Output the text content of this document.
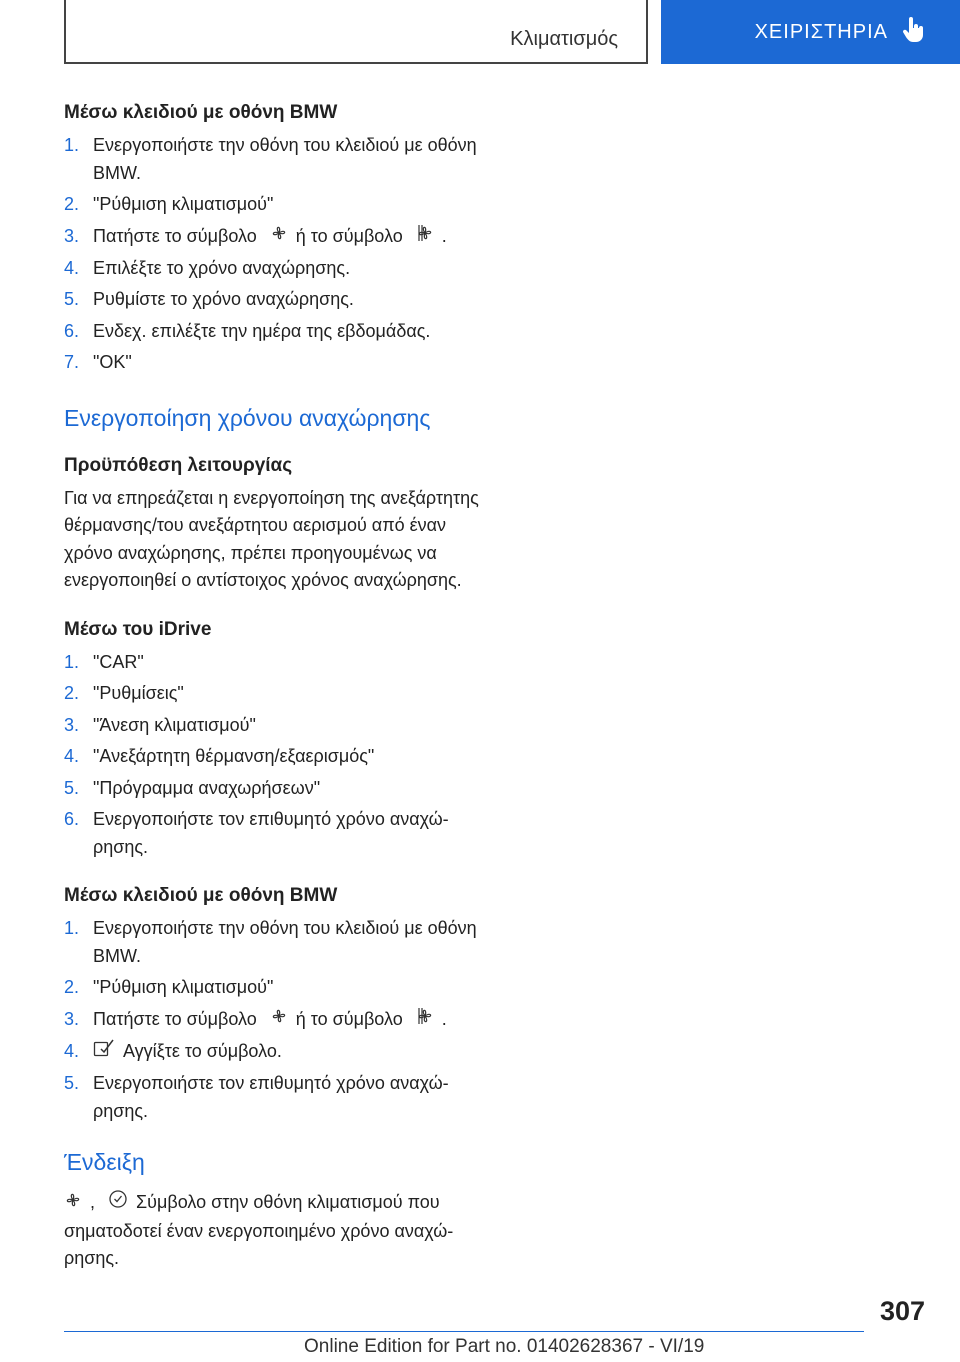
Κλιματισμός	ΧΕΙΡΙΣΤΗΡΙΑ
Μέσω κλειδιού με οθόνη BMW
1. Ενεργοποιήστε την οθόνη του κλειδιού με οθόνη BMW.
2. "Ρύθμιση κλιματισμού"
3. Πατήστε το σύμβολο ή το σύμβολο .
4. Επιλέξτε το χρόνο αναχώρησης.
5. Ρυθμίστε το χρόνο αναχώρησης.
6. Ενδεχ. επιλέξτε την ημέρα της εβδομάδας.
7. "OK"
Ενεργοποίηση χρόνου αναχώρησης
Προϋπόθεση λειτουργίας

Για να επηρεάζεται η ενεργοποίηση της ανεξάρτητης θέρμανσης/του ανεξάρτητου αερισμού από έναν χρόνο αναχώρησης, πρέπει προηγουμένως να ενεργοποιηθεί ο αντίστοιχος χρόνος αναχώρησης.

Μέσω του iDrive
1. "CAR"
2. "Ρυθμίσεις"
3. "Άνεση κλιματισμού"
4. "Ανεξάρτητη θέρμανση/εξαερισμός"
5. "Πρόγραμμα αναχωρήσεων"
6. Ενεργοποιήστε τον επιθυμητό χρόνο αναχώρησης.
Μέσω κλειδιού με οθόνη BMW
1. Ενεργοποιήστε την οθόνη του κλειδιού με οθόνη BMW.
2. "Ρύθμιση κλιματισμού"
3. Πατήστε το σύμβολο ή το σύμβολο .
4. Αγγίξτε το σύμβολο.
5. Ενεργοποιήστε τον επιθυμητό χρόνο αναχώρησης.
Ένδειξη

, Σύμβολο στην οθόνη κλιματισμού που σηματοδοτεί έναν ενεργοποιημένο χρόνο αναχώρησης.

307
Online Edition for Part no. 01402628367 - VI/19
